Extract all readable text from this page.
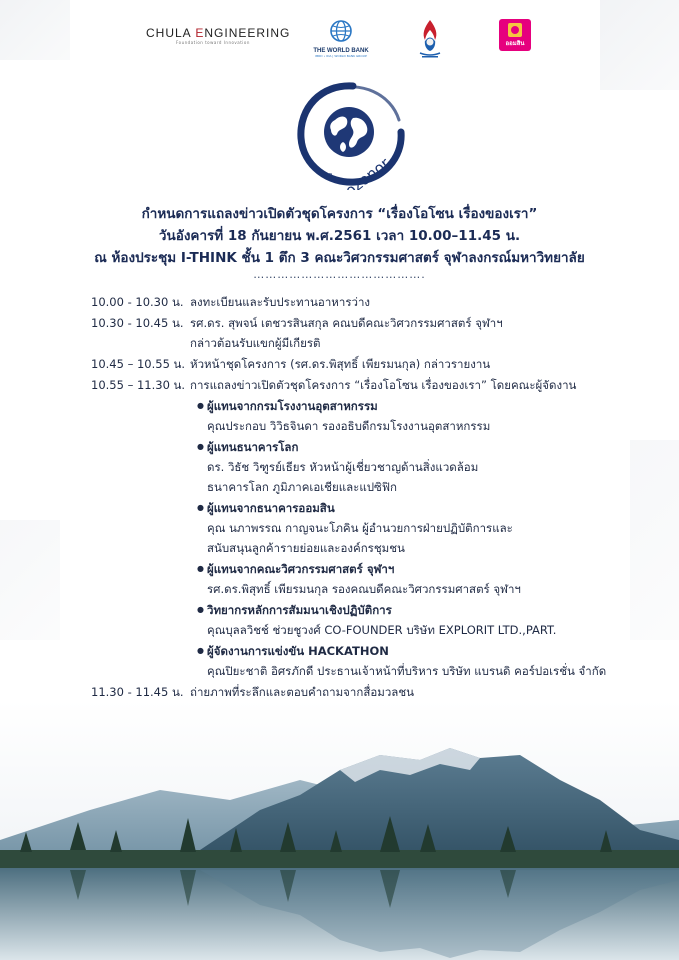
CHULA ENGINEERING
Foundation toward Innovation
THE WORLD BANK
IBRD • IDA | WORLD BANK GROUP
ออมสิน
the ozonor
กำหนดการแถลงข่าวเปิดตัวชุดโครงการ “เรื่องโอโซน เรื่องของเรา”
วันอังคารที่ 18 กันยายน พ.ศ.2561 เวลา 10.00–11.45 น.
ณ ห้องประชุม I-THINK ชั้น 1 ตึก 3 คณะวิศวกรรมศาสตร์ จุฬาลงกรณ์มหาวิทยาลัย
…………………………………….
10.00 - 10.30 น. ลงทะเบียนและรับประทานอาหารว่าง
10.30 - 10.45 น. รศ.ดร. สุพจน์ เตชวรสินสกุล คณบดีคณะวิศวกรรมศาสตร์ จุฬาฯ
กล่าวต้อนรับแขกผู้มีเกียรติ
10.45 – 10.55 น. หัวหน้าชุดโครงการ (รศ.ดร.พิสุทธิ์ เพียรมนกุล) กล่าวรายงาน
10.55 – 11.30 น. การแถลงข่าวเปิดตัวชุดโครงการ “เรื่องโอโซน เรื่องของเรา” โดยคณะผู้จัดงาน
● ผู้แทนจากกรมโรงงานอุตสาหกรรม
คุณประกอบ วิวิธจินดา รองอธิบดีกรมโรงงานอุตสาหกรรม
● ผู้แทนธนาคารโลก
ดร. วิธัช วิฑูรย์เธียร หัวหน้าผู้เชี่ยวชาญด้านสิ่งแวดล้อม
ธนาคารโลก ภูมิภาคเอเชียและแปซิฟิก
● ผู้แทนจากธนาคารออมสิน
คุณ นภาพรรณ กาญจนะโภคิน ผู้อำนวยการฝ่ายปฏิบัติการและ
สนับสนุนลูกค้ารายย่อยและองค์กรชุมชน
● ผู้แทนจากคณะวิศวกรรมศาสตร์ จุฬาฯ
รศ.ดร.พิสุทธิ์ เพียรมนกุล รองคณบดีคณะวิศวกรรมศาสตร์ จุฬาฯ
● วิทยากรหลักการสัมมนาเชิงปฏิบัติการ
คุณบุลลวิชช์ ช่วยชูวงศ์ CO-FOUNDER บริษัท EXPLORIT LTD.,PART.
● ผู้จัดงานการแข่งขัน HACKATHON
คุณปิยะชาติ อิศรภักดี ประธานเจ้าหน้าที่บริหาร บริษัท แบรนดิ คอร์ปอเรชั่น จำกัด
11.30 - 11.45 น. ถ่ายภาพที่ระลึกและตอบคำถามจากสื่อมวลชน
